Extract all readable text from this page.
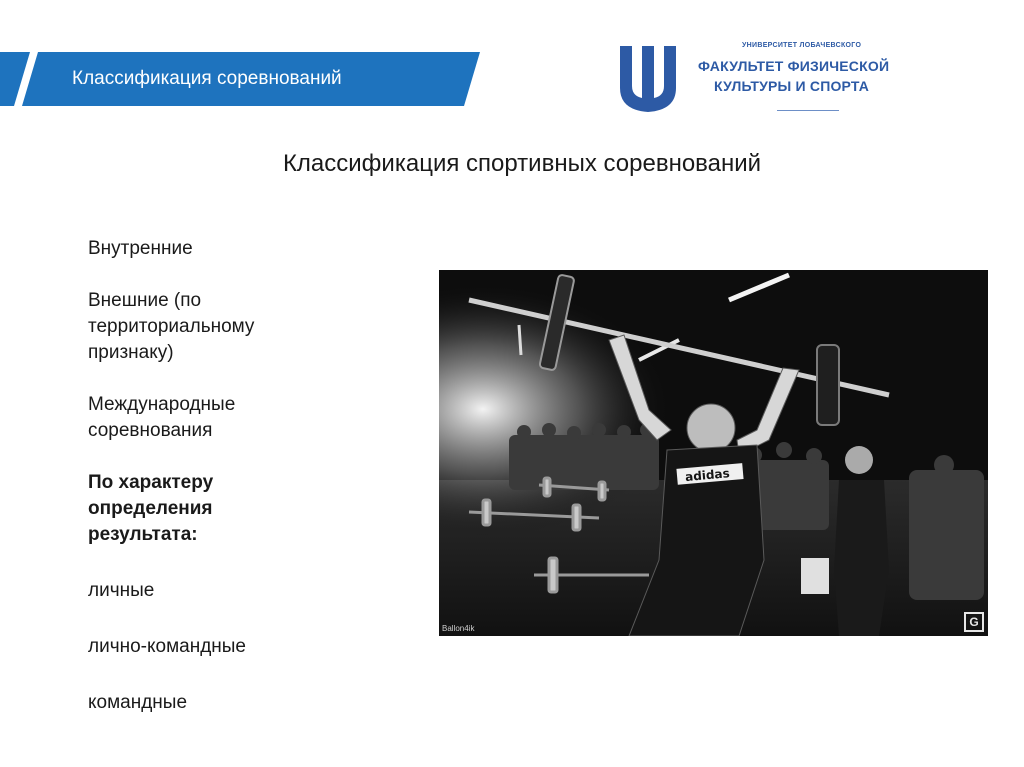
Классификация соревнований
УНИВЕРСИТЕТ ЛОБАЧЕВСКОГО
ФАКУЛЬТЕТ ФИЗИЧЕСКОЙ
КУЛЬТУРЫ И СПОРТА
Классификация спортивных соревнований
Внутренние
Внешние (по
территориальному
признаку)
Международные
соревнования
По характеру
определения
результата:
личные
лично-командные
командные
adidas
Ballon4ik	G
